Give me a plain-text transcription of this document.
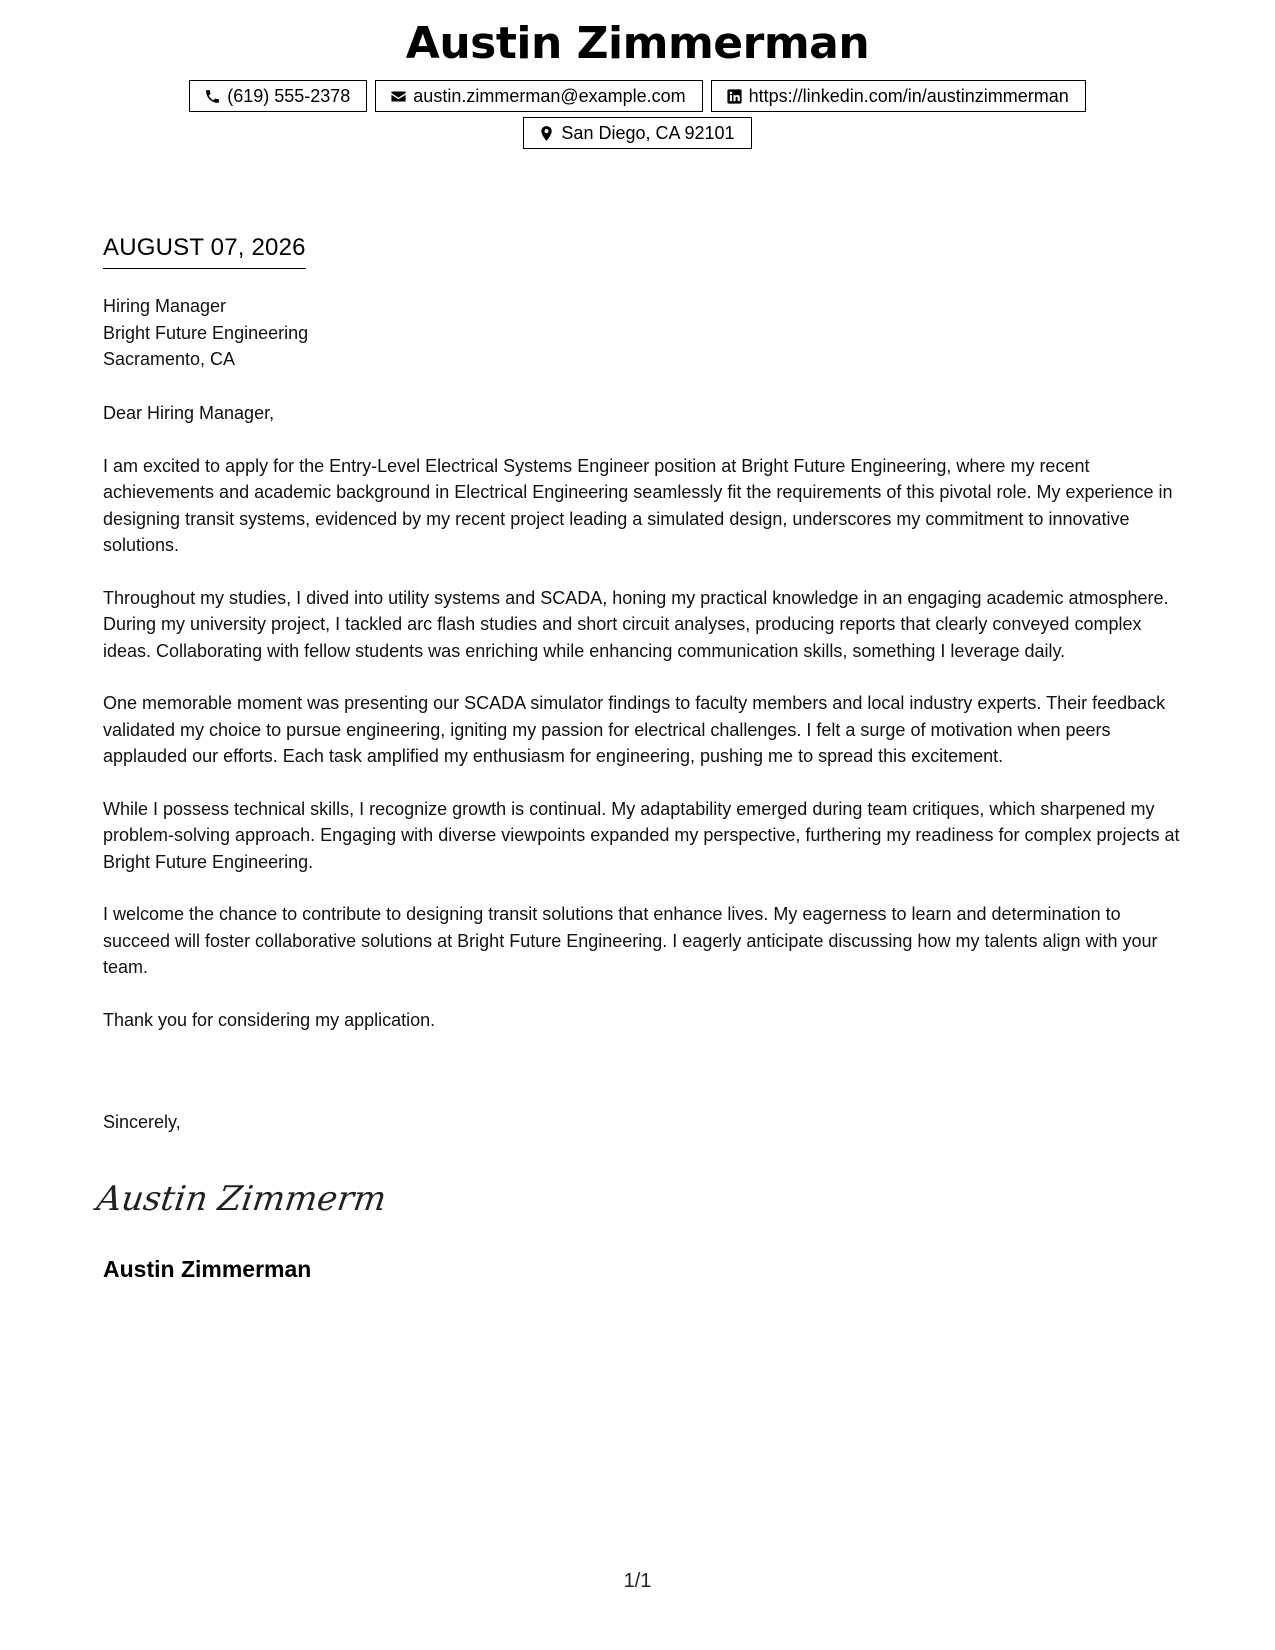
Austin Zimmerman
(619) 555-2378	austin.zimmerman@example.com	https://linkedin.com/in/austinzimmerman
San Diego, CA 92101
AUGUST 07, 2026
Hiring Manager
Bright Future Engineering
Sacramento, CA

Dear Hiring Manager,

I am excited to apply for the Entry-Level Electrical Systems Engineer position at Bright Future Engineering, where my recent achievements and academic background in Electrical Engineering seamlessly fit the requirements of this pivotal role. My experience in designing transit systems, evidenced by my recent project leading a simulated design, underscores my commitment to innovative solutions.

Throughout my studies, I dived into utility systems and SCADA, honing my practical knowledge in an engaging academic atmosphere. During my university project, I tackled arc flash studies and short circuit analyses, producing reports that clearly conveyed complex ideas. Collaborating with fellow students was enriching while enhancing communication skills, something I leverage daily.

One memorable moment was presenting our SCADA simulator findings to faculty members and local industry experts. Their feedback validated my choice to pursue engineering, igniting my passion for electrical challenges. I felt a surge of motivation when peers applauded our efforts. Each task amplified my enthusiasm for engineering, pushing me to spread this excitement.

While I possess technical skills, I recognize growth is continual. My adaptability emerged during team critiques, which sharpened my problem-solving approach. Engaging with diverse viewpoints expanded my perspective, furthering my readiness for complex projects at Bright Future Engineering.

I welcome the chance to contribute to designing transit solutions that enhance lives. My eagerness to learn and determination to succeed will foster collaborative solutions at Bright Future Engineering. I eagerly anticipate discussing how my talents align with your team.

Thank you for considering my application.

Sincerely,
Austin Zimmerm
Austin Zimmerman
1/1
